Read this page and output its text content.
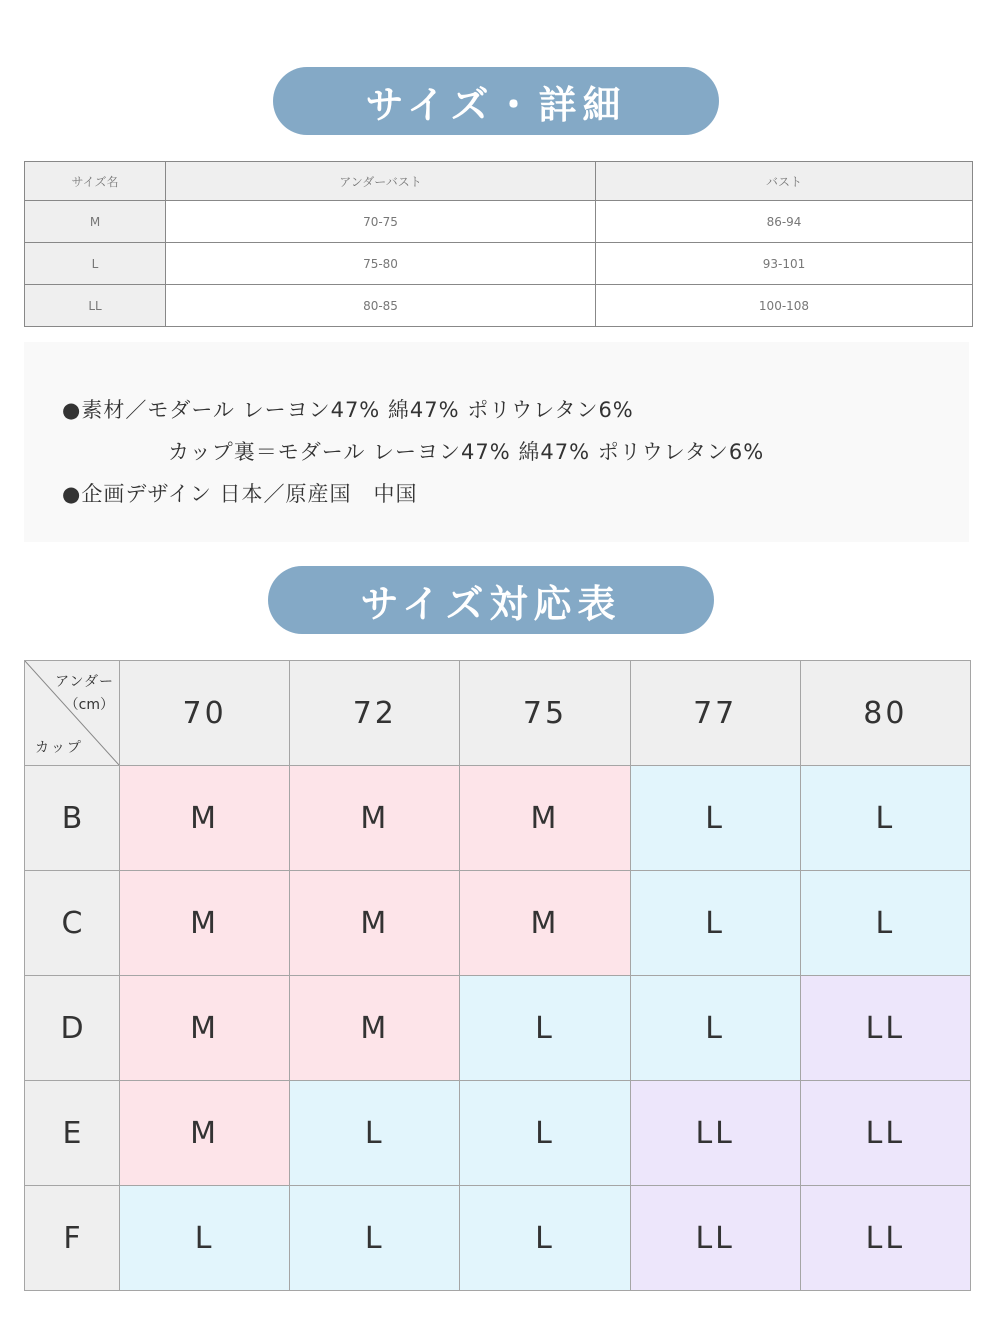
サイズ・詳細
サイズ名	アンダーバスト	バスト
M	70-75	86-94
L	75-80	93-101
LL	80-85	100-108
●素材／モダール レーヨン47% 綿47% ポリウレタン6%
カップ裏＝モダール レーヨン47% 綿47% ポリウレタン6%
●企画デザイン 日本／原産国　中国
サイズ対応表
アンダー
（cm）
カップ	70	72	75	77	80
B	M	M	M	L	L
C	M	M	M	L	L
D	M	M	L	L	LL
E	M	L	L	LL	LL
F	L	L	L	LL	LL
